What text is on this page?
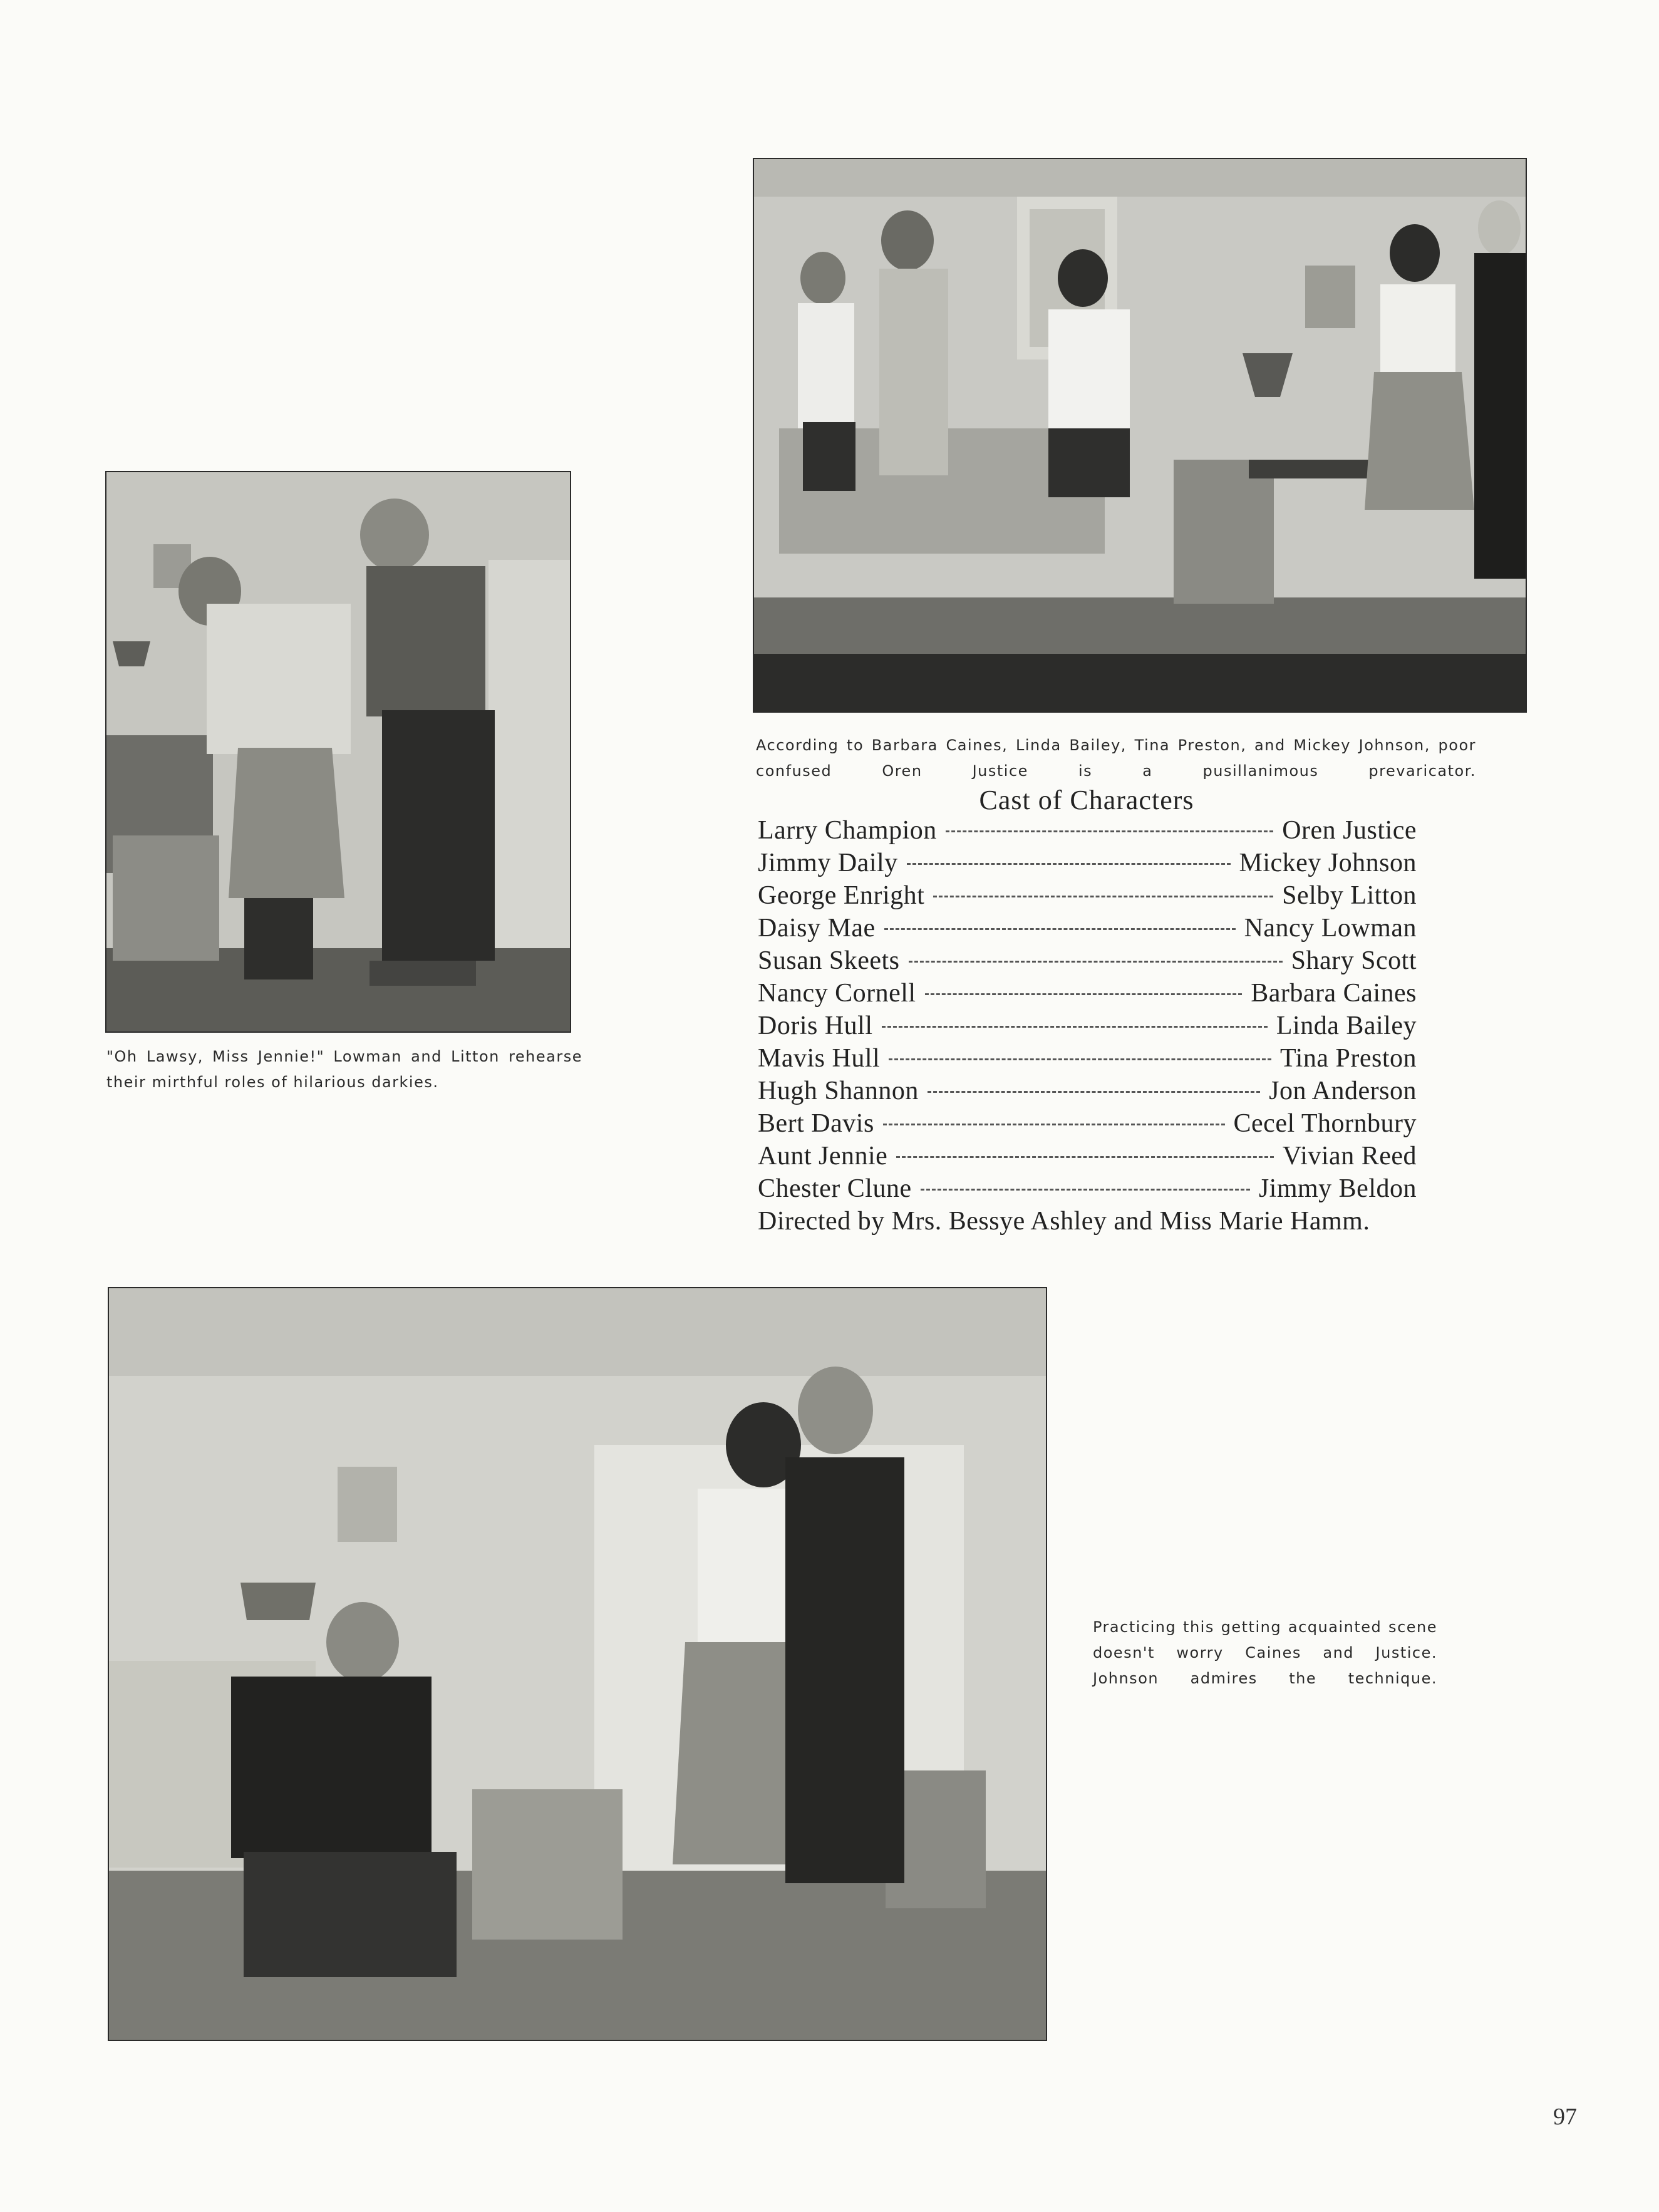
According to Barbara Caines, Linda Bailey, Tina Preston, and Mickey Johnson, poor confused Oren Justice is a pusillanimous prevaricator.
Cast of Characters
Larry Champion	Oren Justice
Jimmy Daily	Mickey Johnson
George Enright	Selby Litton
Daisy Mae	Nancy Lowman
Susan Skeets	Shary Scott
Nancy Cornell	Barbara Caines
Doris Hull	Linda Bailey
Mavis Hull	Tina Preston
Hugh Shannon	Jon Anderson
Bert Davis	Cecel Thornbury
Aunt Jennie	Vivian Reed
Chester Clune	Jimmy Beldon
Directed by Mrs. Bessye Ashley and Miss Marie Hamm.
"Oh Lawsy, Miss Jennie!" Lowman and Litton rehearse their mirthful roles of hilarious darkies.
Practicing this getting acquainted scene doesn't worry Caines and Justice. Johnson admires the technique.
97
